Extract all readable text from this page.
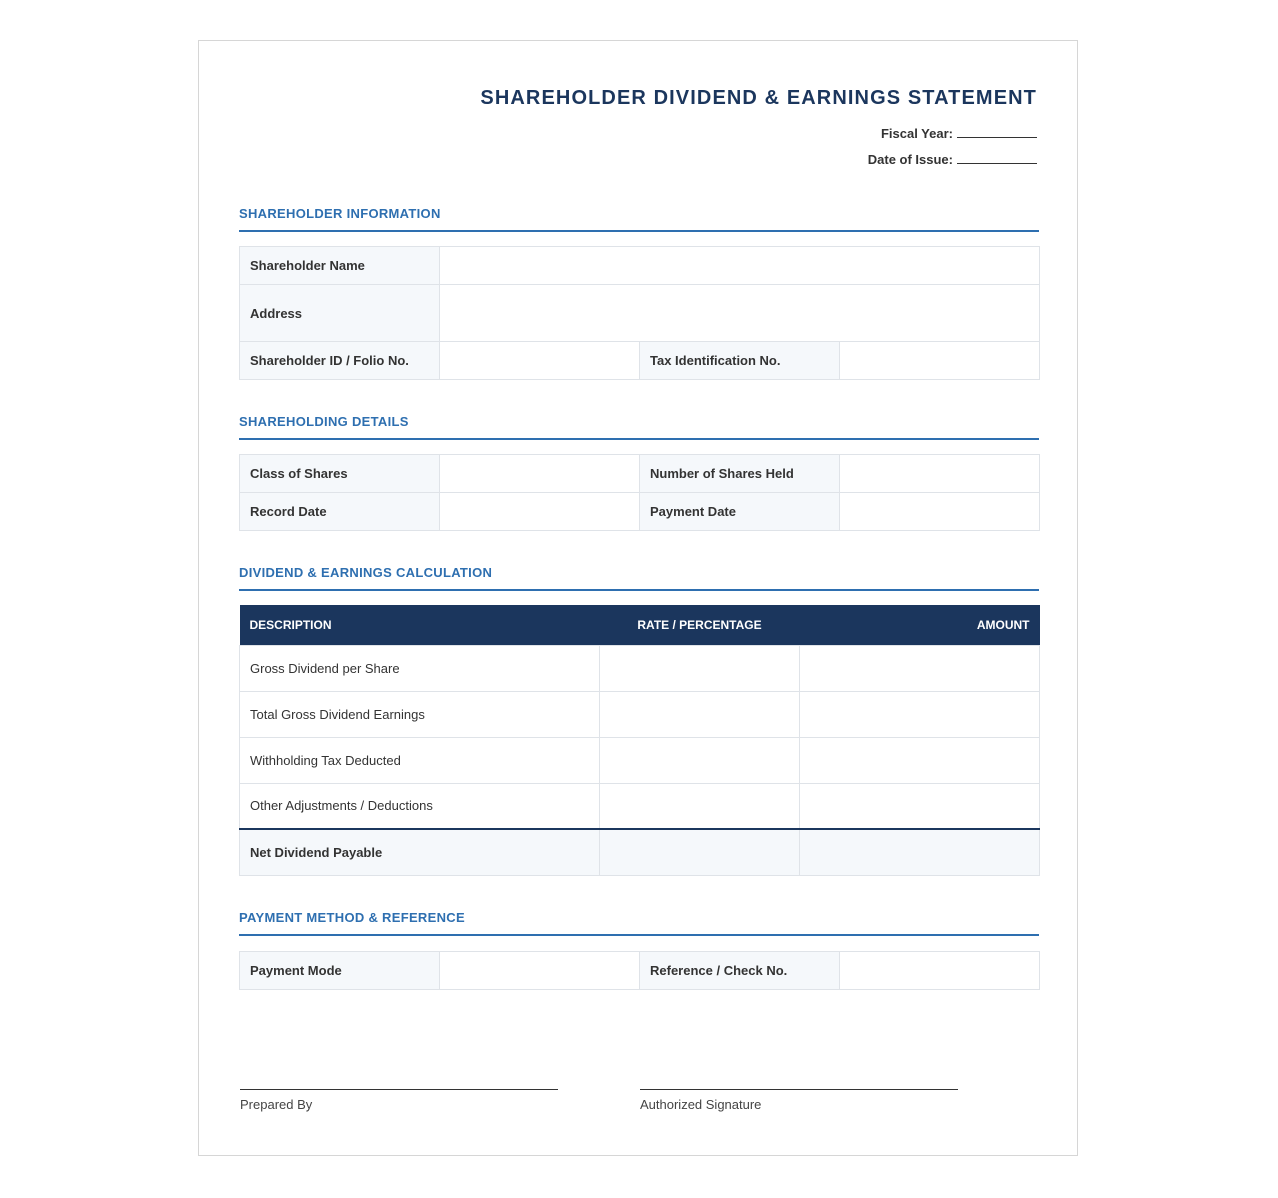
SHAREHOLDER DIVIDEND & EARNINGS STATEMENT
Fiscal Year:
Date of Issue:
SHAREHOLDER INFORMATION
Shareholder Name			
Address			
Shareholder ID / Folio No.		Tax Identification No.	
SHAREHOLDING DETAILS
Class of Shares		Number of Shares Held	
Record Date		Payment Date	
DIVIDEND & EARNINGS CALCULATION
DESCRIPTION	RATE / PERCENTAGE	AMOUNT
Gross Dividend per Share		
Total Gross Dividend Earnings		
Withholding Tax Deducted		
Other Adjustments / Deductions		
Net Dividend Payable		
PAYMENT METHOD & REFERENCE
Payment Mode		Reference / Check No.	
Prepared By	Authorized Signature
